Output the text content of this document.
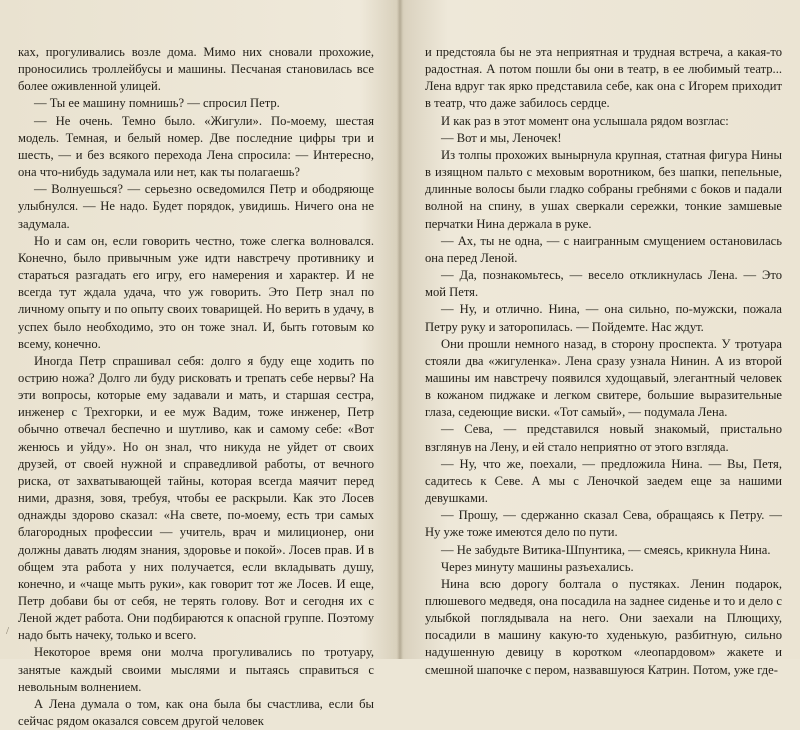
ках, прогуливались возле дома. Мимо них сновали прохожие, проносились троллейбусы и машины. Песчаная становилась все более оживленной улицей.

— Ты ее машину помнишь? — спросил Петр.

— Не очень. Темно было. «Жигули». По-моему, шестая модель. Темная, и белый номер. Две последние цифры три и шесть, — и без всякого перехода Лена спросила: — Интересно, она что-нибудь задумала или нет, как ты полагаешь?

— Волнуешься? — серьезно осведомился Петр и ободряюще улыбнулся. — Не надо. Будет порядок, увидишь. Ничего она не задумала.

Но и сам он, если говорить честно, тоже слегка волновался. Конечно, было привычным уже идти навстречу противнику и стараться разгадать его игру, его намерения и характер. И не всегда тут ждала удача, что уж говорить. Это Петр знал по личному опыту и по опыту своих товарищей. Но верить в удачу, в успех было необходимо, это он тоже знал. И, быть готовым ко всему, конечно.

Иногда Петр спрашивал себя: долго я буду еще ходить по острию ножа? Долго ли буду рисковать и трепать себе нервы? На эти вопросы, которые ему задавали и мать, и старшая сестра, инженер с Трехгорки, и ее муж Вадим, тоже инженер, Петр обычно отвечал беспечно и шутливо, как и самому себе: «Вот женюсь и уйду». Но он знал, что никуда не уйдет от своих друзей, от своей нужной и справедливой работы, от вечного риска, от захватывающей тайны, которая всегда маячит перед ними, дразня, зовя, требуя, чтобы ее раскрыли. Как это Лосев однажды здорово сказал: «На свете, по-моему, есть три самых благородных профессии — учитель, врач и милиционер, они должны давать людям знания, здоровье и покой». Лосев прав. И в общем эта работа у них получается, если вкладывать душу, конечно, и «чаще мыть руки», как говорит тот же Лосев. И еще, Петр добави бы от себя, не терять голову. Вот и сегодня их с Леной ждет работа. Они подбираются к опасной группе. Поэтому надо быть начеку, только и всего.

Некоторое время они молча прогуливались по тротуару, занятые каждый своими мыслями и пытаясь справиться с невольным волнением.

А Лена думала о том, как она была бы счастлива, если бы сейчас рядом оказался совсем другой человек

и предстояла бы не эта неприятная и трудная встреча, а какая-то радостная. А потом пошли бы они в театр, в ее любимый театр... Лена вдруг так ярко представила себе, как она с Игорем приходит в театр, что даже забилось сердце.

И как раз в этот момент она услышала рядом возглас:

— Вот и мы, Леночек!

Из толпы прохожих вынырнула крупная, статная фигура Нины в изящном пальто с меховым воротником, без шапки, пепельные, длинные волосы были гладко собраны гребнями с боков и падали волной на спину, в ушах сверкали сережки, тонкие замшевые перчатки Нина держала в руке.

— Ах, ты не одна, — с наигранным смущением остановилась она перед Леной.

— Да, познакомьтесь, — весело откликнулась Лена. — Это мой Петя.

— Ну, и отлично. Нина, — она сильно, по-мужски, пожала Петру руку и заторопилась. — Пойдемте. Нас ждут.

Они прошли немного назад, в сторону проспекта. У тротуара стояли два «жигуленка». Лена сразу узнала Нинин. А из второй машины им навстречу появился худощавый, элегантный человек в кожаном пиджаке и легком свитере, большие выразительные глаза, седеющие виски. «Тот самый», — подумала Лена.

— Сева, — представился новый знакомый, пристально взглянув на Лену, и ей стало неприятно от этого взгляда.

— Ну, что же, поехали, — предложила Нина. — Вы, Петя, садитесь к Севе. А мы с Леночкой заедем еще за нашими девушками.

— Прошу, — сдержанно сказал Сева, обращаясь к Петру. — Ну уже тоже имеются дело по пути.

— Не забудьте Витика-Шпунтика, — смеясь, крикнула Нина.

Через минуту машины разъехались.

Нина всю дорогу болтала о пустяках. Ленин подарок, плюшевого медведя, она посадила на заднее сиденье и то и дело с улыбкой поглядывала на него. Они заехали на Плющиху, посадили в машину какую-то худенькую, разбитную, сильно надушенную девицу в коротком «леопардовом» жакете и смешной шапочке с пером, назвавшуюся Катрин. Потом, уже где-

/
